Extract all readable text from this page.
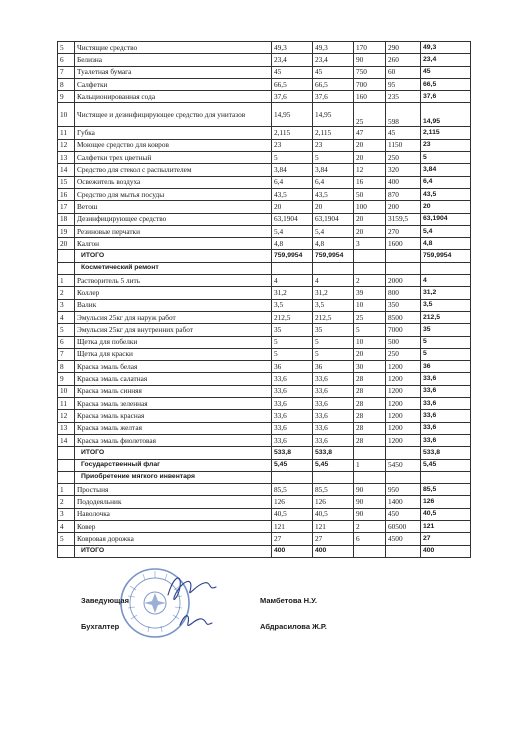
5	Чистящие средство	49,3	49,3	170	290	49,3
6	Белизна	23,4	23,4	90	260	23,4
7	Туалетная бумага	45	45	750	60	45
8	Салфетки	66,5	66,5	700	95	66,5
9	Кальционированная сода	37,6	37,6	160	235	37,6
10	Чистящее и дезинфицирующее средство для унитазов	14,95	14,95	25	598	14,95
11	Губка	2,115	2,115	47	45	2,115
12	Моющее средство для ковров	23	23	20	1150	23
13	Салфетки трех цветный	5	5	20	250	5
14	Средство для стекол с распылителем	3,84	3,84	12	320	3,84
15	Освежитель воздуха	6,4	6,4	16	400	6,4
16	Средство для мытья посуды	43,5	43,5	50	870	43,5
17	Ветош	20	20	100	200	20
18	Дезинфицирующее средство	63,1904	63,1904	20	3159,5	63,1904
19	Резиновые перчатки	5,4	5,4	20	270	5,4
20	Калгон	4,8	4,8	3	1600	4,8
	ИТОГО	759,9954	759,9954			759,9954
	Косметический ремонт					
1	Растворитель 5 лить	4	4	2	2000	4
2	Коллер	31,2	31,2	39	800	31,2
3	Валик	3,5	3,5	10	350	3,5
4	Эмульсия 25кг для наруж работ	212,5	212,5	25	8500	212,5
5	Эмульсия 25кг для внутренних работ	35	35	5	7000	35
6	Щетка для побелки	5	5	10	500	5
7	Щетка для краски	5	5	20	250	5
8	Краска эмаль белая	36	36	30	1200	36
9	Краска эмаль салатная	33,6	33,6	28	1200	33,6
10	Краска эмаль синняя	33,6	33,6	28	1200	33,6
11	Краска эмаль зеленная	33,6	33,6	28	1200	33,6
12	Краска эмаль красная	33,6	33,6	28	1200	33,6
13	Краска эмаль желтая	33,6	33,6	28	1200	33,6
14	Краска эмаль фиолетовая	33,6	33,6	28	1200	33,6
	ИТОГО	533,8	533,8			533,8
	Государственный флаг	5,45	5,45	1	5450	5,45
	Приобретение мягкого инвентаря					
1	Простыня	85,5	85,5	90	950	85,5
2	Пододеяльник	126	126	90	1400	126
3	Наволочка	40,5	40,5	90	450	40,5
4	Ковер	121	121	2	60500	121
5	Ковровая дорожка	27	27	6	4500	27
	ИТОГО	400	400			400
Заведующая	Мамбетова Н.У.
Бухгалтер	Абдрасилова Ж.Р.
